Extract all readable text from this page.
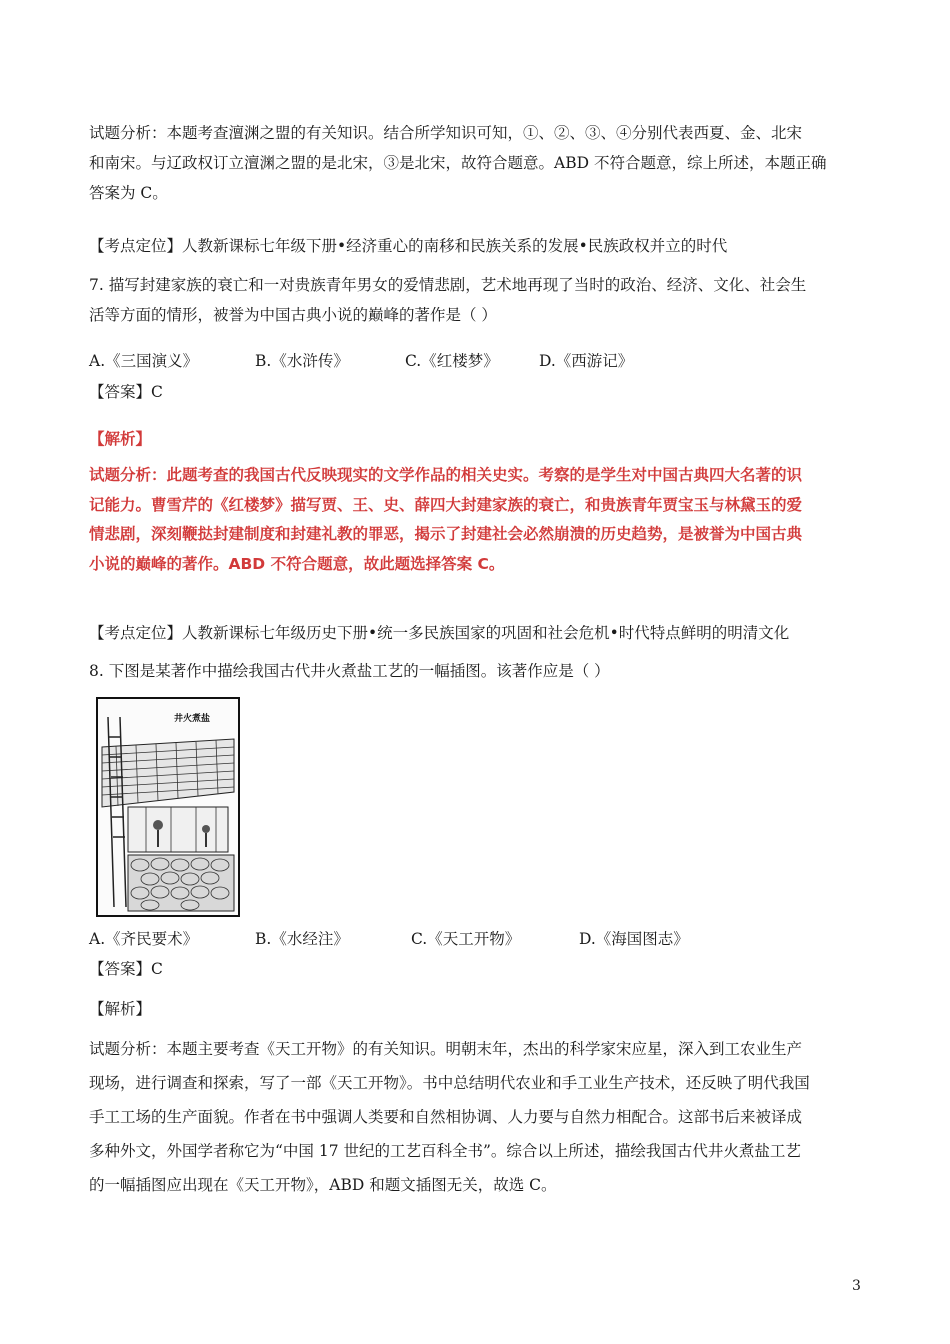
试题分析：本题考查澶渊之盟的有关知识。结合所学知识可知，①、②、③、④分别代表西夏、金、北宋

和南宋。与辽政权订立澶渊之盟的是北宋，③是北宋，故符合题意。ABD 不符合题意，综上所述，本题正确

答案为 C。

【考点定位】人教新课标七年级下册•经济重心的南移和民族关系的发展•民族政权并立的时代

7. 描写封建家族的衰亡和一对贵族青年男女的爱情悲剧，艺术地再现了当时的政治、经济、文化、社会生

活等方面的情形，被誉为中国古典小说的巅峰的著作是（ ）

A.《三国演义》	B.《水浒传》	C.《红楼梦》	D.《西游记》

【答案】C

【解析】

试题分析：此题考查的我国古代反映现实的文学作品的相关史实。考察的是学生对中国古典四大名著的识

记能力。曹雪芹的《红楼梦》描写贾、王、史、薛四大封建家族的衰亡，和贵族青年贾宝玉与林黛玉的爱

情悲剧，深刻鞭挞封建制度和封建礼教的罪恶，揭示了封建社会必然崩溃的历史趋势，是被誉为中国古典

小说的巅峰的著作。ABD 不符合题意，故此题选择答案 C。

【考点定位】人教新课标七年级历史下册•统一多民族国家的巩固和社会危机•时代特点鲜明的明清文化

8. 下图是某著作中描绘我国古代井火煮盐工艺的一幅插图。该著作应是（ ）

井火煮盐
A.《齐民要术》	B.《水经注》	C.《天工开物》	D.《海国图志》

【答案】C

【解析】

试题分析：本题主要考查《天工开物》的有关知识。明朝末年，杰出的科学家宋应星，深入到工农业生产

现场，进行调查和探索，写了一部《天工开物》。书中总结明代农业和手工业生产技术，还反映了明代我国

手工工场的生产面貌。作者在书中强调人类要和自然相协调、人力要与自然力相配合。这部书后来被译成

多种外文，外国学者称它为“中国 17 世纪的工艺百科全书”。综合以上所述，描绘我国古代井火煮盐工艺

的一幅插图应出现在《天工开物》，ABD 和题文插图无关，故选 C。

3
